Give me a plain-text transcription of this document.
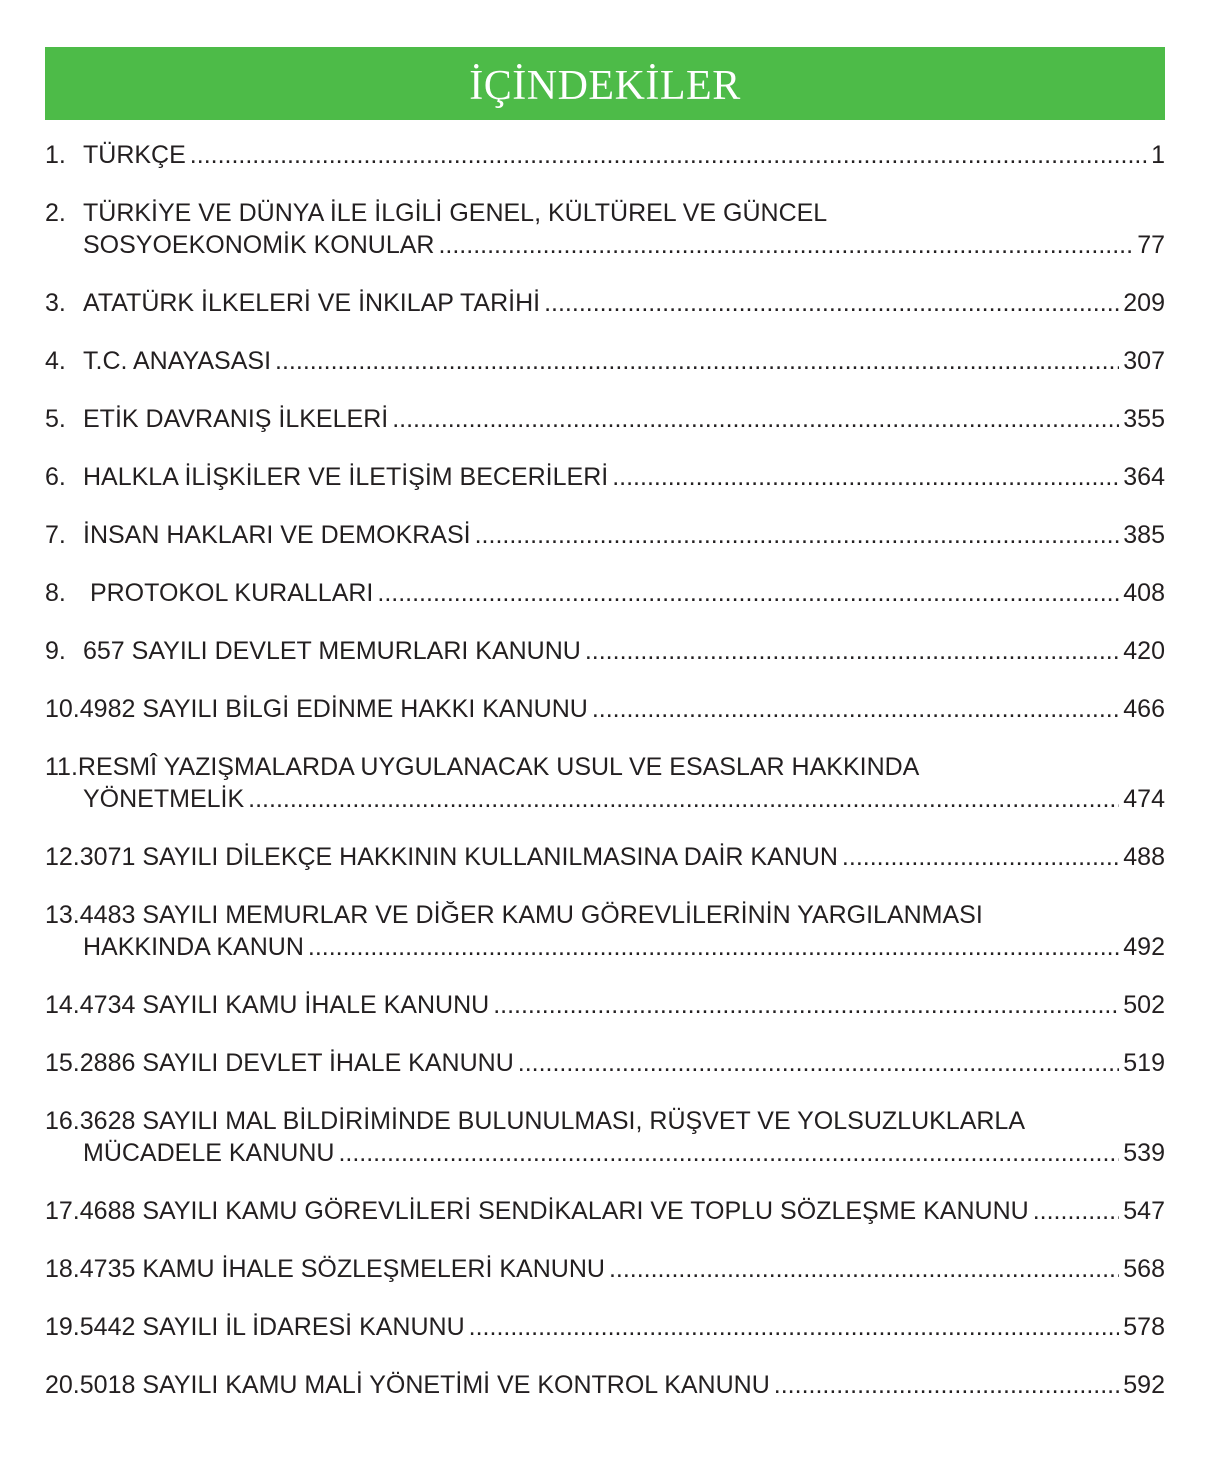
İÇİNDEKİLER
1. TÜRKÇE .....	1
2. TÜRKİYE VE DÜNYA İLE İLGİLİ GENEL, KÜLTÜREL VE GÜNCEL
SOSYOEKONOMİK KONULAR .....	77
3. ATATÜRK İLKELERİ VE İNKILAP TARİHİ .....	209
4. T.C. ANAYASASI .....	307
5. ETİK DAVRANIŞ İLKELERİ .....	355
6. HALKLA İLİŞKİLER VE İLETİŞİM BECERİLERİ .....	364
7. İNSAN HAKLARI VE DEMOKRASİ .....	385
8. PROTOKOL KURALLARI .....	408
9. 657 SAYILI DEVLET MEMURLARI KANUNU .....	420
10. 4982 SAYILI BİLGİ EDİNME HAKKI KANUNU .....	466
11. RESMÎ YAZIŞMALARDA UYGULANACAK USUL VE ESASLAR HAKKINDA
YÖNETMELİK .....	474
12. 3071 SAYILI DİLEKÇE HAKKININ KULLANILMASINA DAİR KANUN .....	488
13. 4483 SAYILI MEMURLAR VE DİĞER KAMU GÖREVLİLERİNİN YARGILANMASI
HAKKINDA KANUN .....	492
14. 4734 SAYILI KAMU İHALE KANUNU .....	502
15. 2886 SAYILI DEVLET İHALE KANUNU .....	519
16. 3628 SAYILI MAL BİLDİRİMİNDE BULUNULMASI, RÜŞVET VE YOLSUZLUKLARLA
MÜCADELE KANUNU .....	539
17. 4688 SAYILI KAMU GÖREVLİLERİ SENDİKALARI VE TOPLU SÖZLEŞME KANUNU .....	547
18. 4735 KAMU İHALE SÖZLEŞMELERİ KANUNU .....	568
19. 5442 SAYILI İL İDARESİ KANUNU .....	578
20. 5018 SAYILI KAMU MALİ YÖNETİMİ VE KONTROL KANUNU .....	592
